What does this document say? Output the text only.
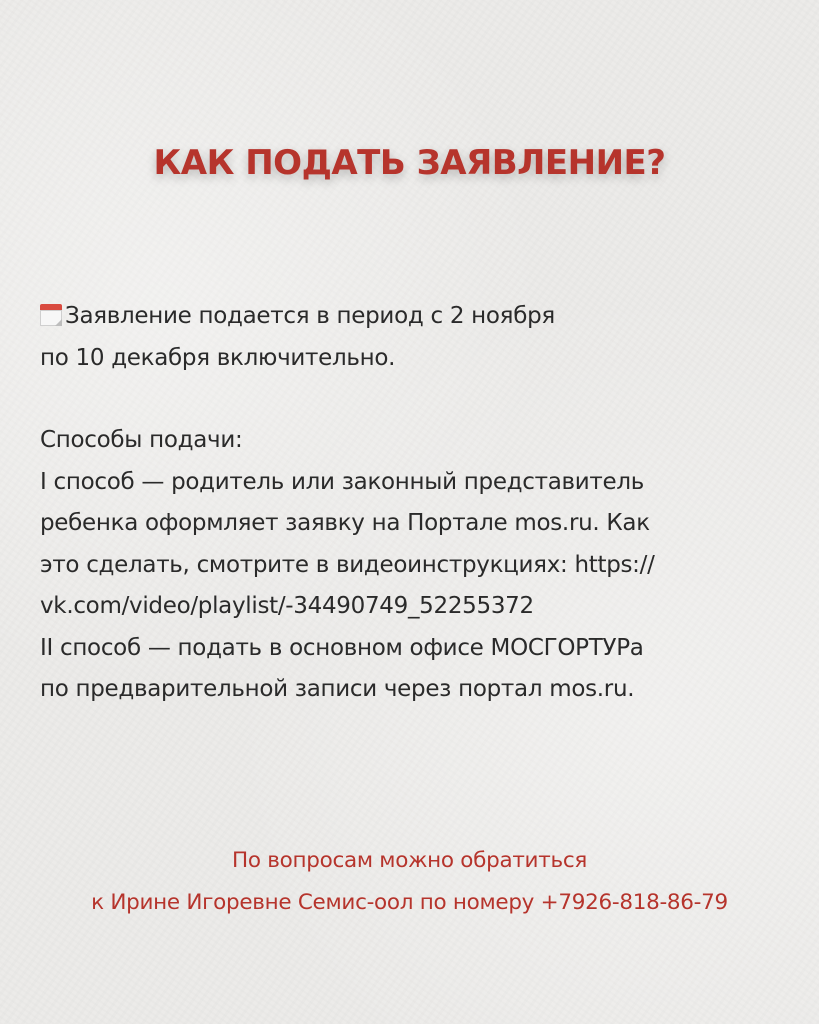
КАК ПОДАТЬ ЗАЯВЛЕНИЕ?

Заявление подается в период с 2 ноября

по 10 декабря включительно.

Способы подачи:

I способ — родитель или законный представитель

ребенка оформляет заявку на Портале mos.ru. Как

это сделать, смотрите в видеоинструкциях: https://

vk.com/video/playlist/-34490749_52255372

II способ — подать в основном офисе МОСГОРТУРа

по предварительной записи через портал mos.ru.

По вопросам можно обратиться

к Ирине Игоревне Семис-оол по номеру +7926-818-86-79
